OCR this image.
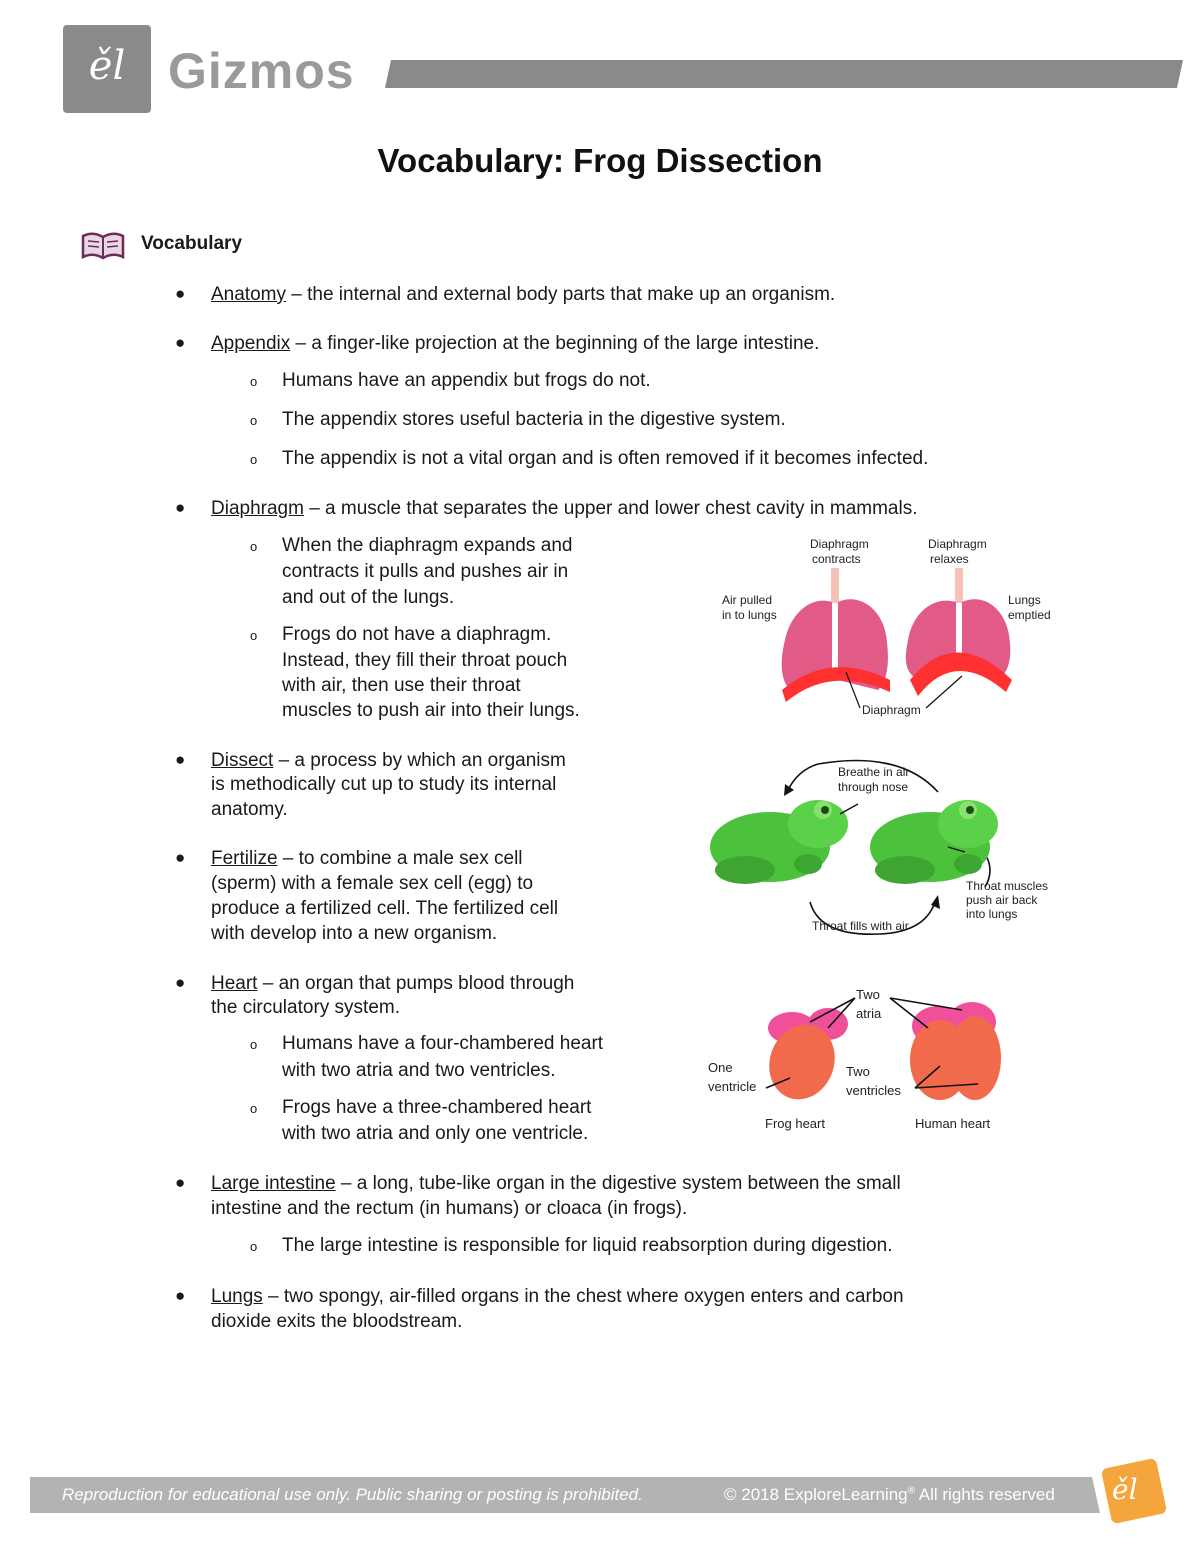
ěl Gizmos
Vocabulary: Frog Dissection
Vocabulary
● Anatomy – the internal and external body parts that make up an organism.
● Appendix – a finger-like projection at the beginning of the large intestine.
o Humans have an appendix but frogs do not.
o The appendix stores useful bacteria in the digestive system.
o The appendix is not a vital organ and is often removed if it becomes infected.
● Diaphragm – a muscle that separates the upper and lower chest cavity in mammals.
o When the diaphragm expands and
contracts it pulls and pushes air in
and out of the lungs.
o Frogs do not have a diaphragm.
Instead, they fill their throat pouch
with air, then use their throat
muscles to push air into their lungs.
● Dissect – a process by which an organism
is methodically cut up to study its internal
anatomy.
● Fertilize – to combine a male sex cell
(sperm) with a female sex cell (egg) to
produce a fertilized cell. The fertilized cell
with develop into a new organism.
● Heart – an organ that pumps blood through
the circulatory system.
o Humans have a four-chambered heart
with two atria and two ventricles.
o Frogs have a three-chambered heart
with two atria and only one ventricle.
● Large intestine – a long, tube-like organ in the digestive system between the small
intestine and the rectum (in humans) or cloaca (in frogs).
o The large intestine is responsible for liquid reabsorption during digestion.
● Lungs – two spongy, air-filled organs in the chest where oxygen enters and carbon
dioxide exits the bloodstream.
Diaphragm
contracts
Diaphragm
relaxes
Air pulled
in to lungs
Lungs
emptied
Diaphragm
Breathe in air
through nose
Throat fills with air
Throat muscles
push air back
into lungs
Two
atria
One
ventricle
Two
ventricles
Frog heart	Human heart
Reproduction for educational use only. Public sharing or posting is prohibited.	© 2018 ExploreLearning® All rights reserved ěl
